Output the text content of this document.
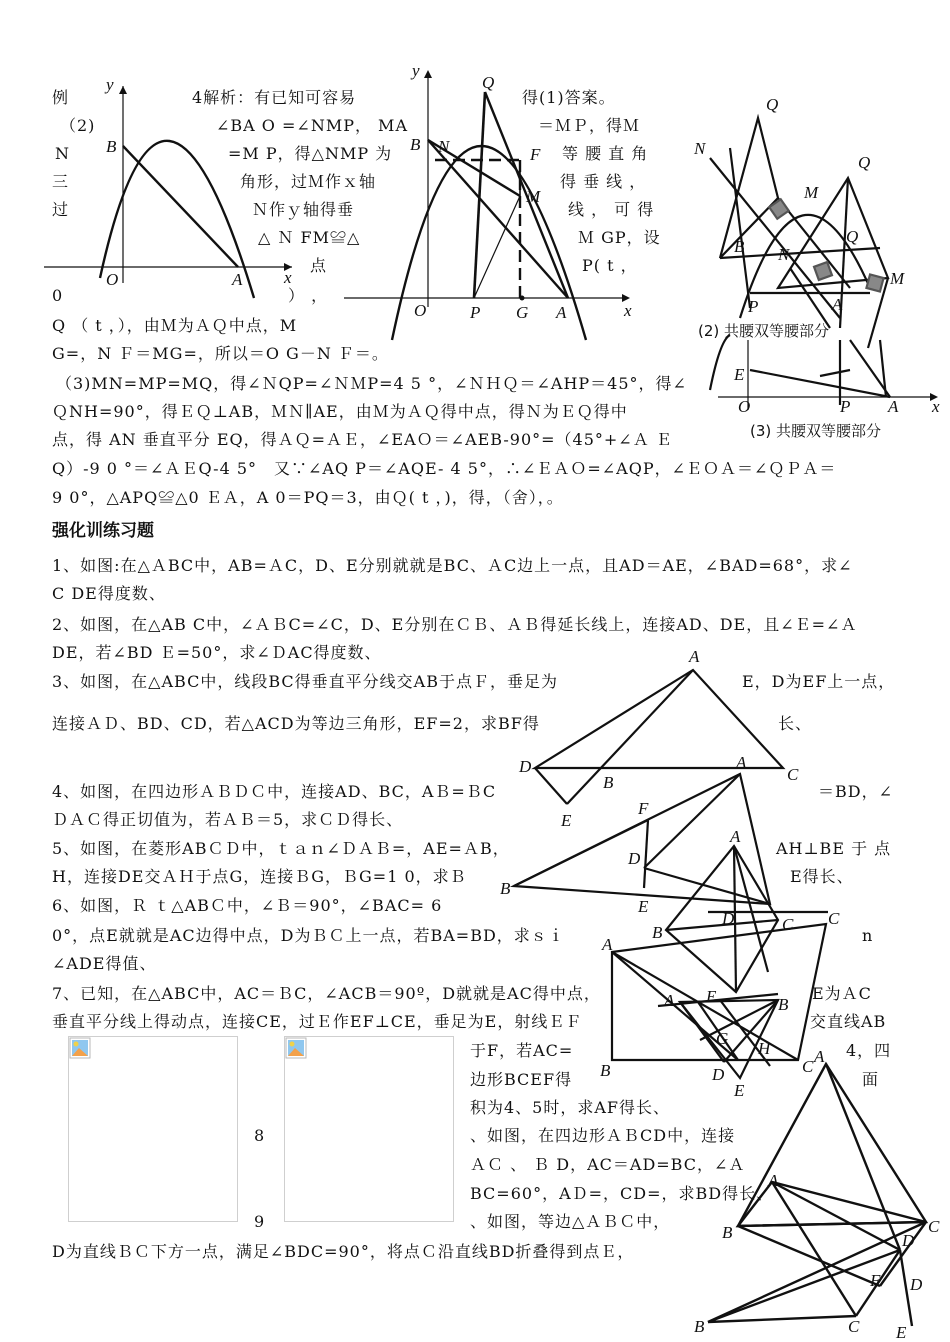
例	4解析：有已知可容易	得(1)答案。
（2)	∠BA O =∠NMP， MA	＝ＭＰ，得Ｍ
N	=M P，得△NMP 为	等 腰 直 角
三	角形，过Ｍ作ｘ轴	得 垂 线 ，
过	Ｎ作ｙ轴得垂	线 ， 可 得
△ Ｎ FM≌△	Ｍ GP，设
点	P( t ，
0	） ，
Q （ t ，），由Ｍ为ＡＱ中点，M
G=，N Ｆ＝MG=，所以＝O G－N Ｆ＝。
（3)MN=MP=MQ，得∠ＮQP=∠ＮＭP=4 5 °，∠ＮＨＱ＝∠AHP＝45°，得∠
ＱNH=90°，得ＥＱ⊥AB，ＭＮ∥AE，由Ｍ为ＡＱ得中点，得Ｎ为ＥＱ得中
点，得 AN 垂直平分 EQ，得ＡＱ=ＡＥ，∠EAＯ＝∠AEB-90°=（45°+∠Ａ Ｅ
Q）-9 0 °＝∠ＡＥQ-4 5°　又∵∠AQ P＝∠AQE- 4 5°，∴∠ＥＡＯ=∠AQP，∠ＥＯＡ＝∠ＱＰＡ＝
9 0°，△APQ≌△0 ＥＡ，A 0＝PQ＝3，由Ｑ( t ，)，得，（舍），。
y
B
O	A x
y
Q
B N	F
M
O	P G A	x
Q
N
Q
M
B N
Q
M
P	A
E
O	P A x
(2) 共腰双等腰部分
(3) 共腰双等腰部分
强化训练习题
1、如图:在△ＡBC中，AB=ＡC，D、E分别就就是BC、ＡC边上一点，且AD＝AE，∠BAD=68°，求∠
C DE得度数、
2、如图，在△AB C中，∠ＡＢC=∠C，D、E分别在ＣＢ、ＡＢ得延长线上，连接AD、DE，且∠Ｅ=∠Ａ
DE，若∠BD Ｅ=50°，求∠ＤAC得度数、
3、如图，在△ABC中，线段BC得垂直平分线交AB于点Ｆ，垂足为	E，D为EF上一点，
连接ＡＤ、BD、CD，若△ACD为等边三角形，EF=2，求BF得	长、
4、如图，在四边形ＡＢＤＣ中，连接AD、BC，AＢ=ＢC	＝BD，∠
ＤＡＣ得正切值为，若ＡＢ＝5，求ＣＤ得长、
5、如图，在菱形ABＣＤ中，ｔａｎ∠ＤＡＢ=，AE=ＡB，	AH⊥BE 于 点
H，连接DE交ＡＨ于点G，连接ＢG，ＢG=1 0，求Ｂ	E得长、
6、如图，Ｒ ｔ△ABＣ中，∠Ｂ＝90°，∠BAC= 6
n
0°，点E就就是AC边得中点，D为ＢＣ上一点，若BA=BD，求ｓｉ
∠ADE得值、
7、已知，在△ABC中，AC＝ＢC，∠ACB＝90º，D就就是AC得中点，	E为ＡC
垂直平分线上得动点，连接CE，过Ｅ作EF⊥CE，垂足为E，射线ＥＦ	交直线AB
于F，若AC=	4，四
边形BCEF得	面
积为4、5时，求AF得长、
、如图，在四边形ＡＢCD中，连接
ＡＣ 、 Ｂ D，AC＝AD=BC，∠Ａ
BC=60°，AＤ=，CD=，求BD得长、
、如图，等边△ＡＢＣ中，
D为直线ＢＣ下方一点，满足∠BDC=90°，将点Ｃ沿直线BD折叠得到点Ｅ，
8
9
A
D
B	C
E
A
F
D
B
E
A
B
D	C
A
B	C
C
A E	B
G
H
D
E
A
A
B	C
D
F D
B	C E
